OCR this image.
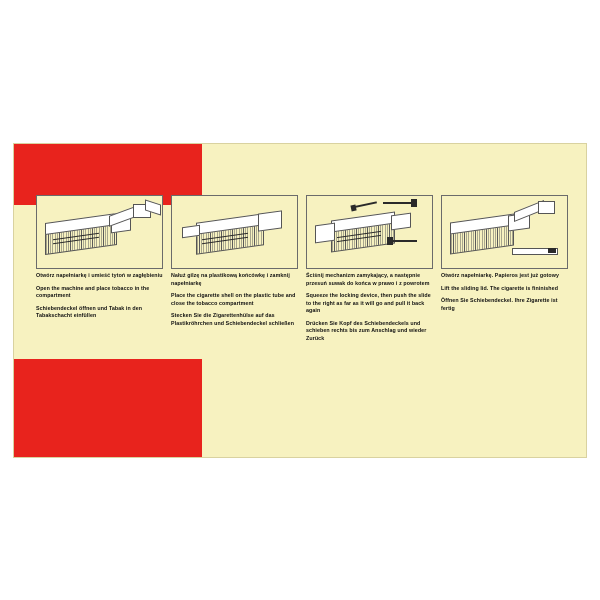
Otwórz napełniarkę i umieść tytoń w zagłębieniu
Open the machine and place tobacco in the compartment
Schiebendeckel öffnen und Tabak in den Tabakschacht einfüllen
Nałuż gilzę na plastikową końcówkę i zamknij napełniarkę
Place the cigarette shell on the plastic tube and close the tobacco compartment
Stecken Sie die Zigarettenhülse auf das Plastikröhrchen und Schiebendeckel schließen
Ściśnij mechanizm zamykający, a następnie przesuń suwak do końca w prawo i z powrotem
Squeeze the locking device, then push the slide to the right as far as it will go and pull it back again
Drücken Sie Kopf des Schiebendeckels und schieben rechts bis zum Anschlag und wieder Zurück
Otwórz napełniarkę. Papieros jest już gotowy
Lift the sliding lid. The cigarette is fininished
Öffnen Sie Schiebendeckel. Ihre Zigarette ist fertig
